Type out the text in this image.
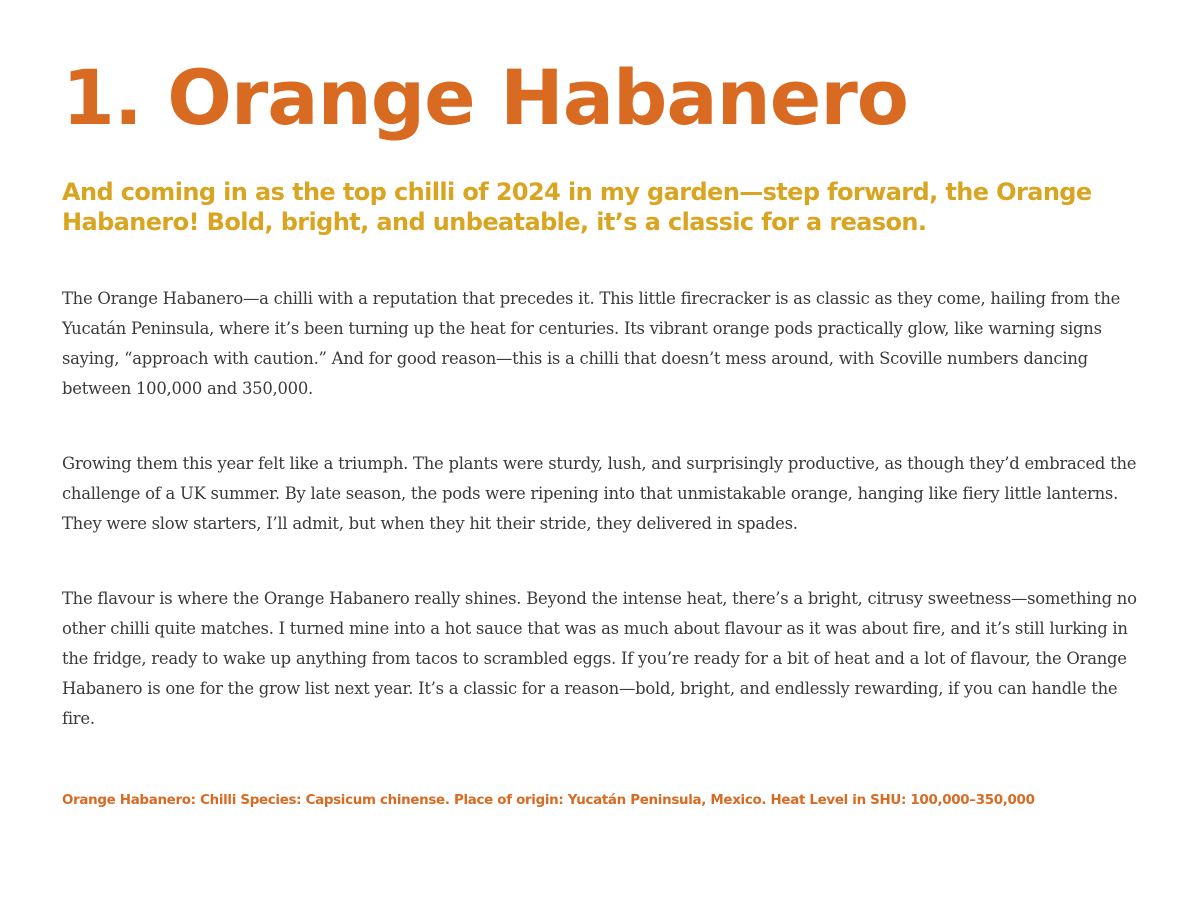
1. Orange Habanero
And coming in as the top chilli of 2024 in my garden—step forward, the Orange Habanero! Bold, bright, and unbeatable, it’s a classic for a reason.

The Orange Habanero—a chilli with a reputation that precedes it. This little firecracker is as classic as they come, hailing from the Yucatán Peninsula, where it’s been turning up the heat for centuries. Its vibrant orange pods practically glow, like warning signs saying, “approach with caution.” And for good reason—this is a chilli that doesn’t mess around, with Scoville numbers dancing between 100,000 and 350,000.

Growing them this year felt like a triumph. The plants were sturdy, lush, and surprisingly productive, as though they’d embraced the challenge of a UK summer. By late season, the pods were ripening into that unmistakable orange, hanging like fiery little lanterns. They were slow starters, I’ll admit, but when they hit their stride, they delivered in spades.

The flavour is where the Orange Habanero really shines. Beyond the intense heat, there’s a bright, citrusy sweetness—something no other chilli quite matches. I turned mine into a hot sauce that was as much about flavour as it was about fire, and it’s still lurking in the fridge, ready to wake up anything from tacos to scrambled eggs. If you’re ready for a bit of heat and a lot of flavour, the Orange Habanero is one for the grow list next year. It’s a classic for a reason—bold, bright, and endlessly rewarding, if you can handle the fire.

Orange Habanero: Chilli Species: Capsicum chinense. Place of origin: Yucatán Peninsula, Mexico. Heat Level in SHU: 100,000–350,000
